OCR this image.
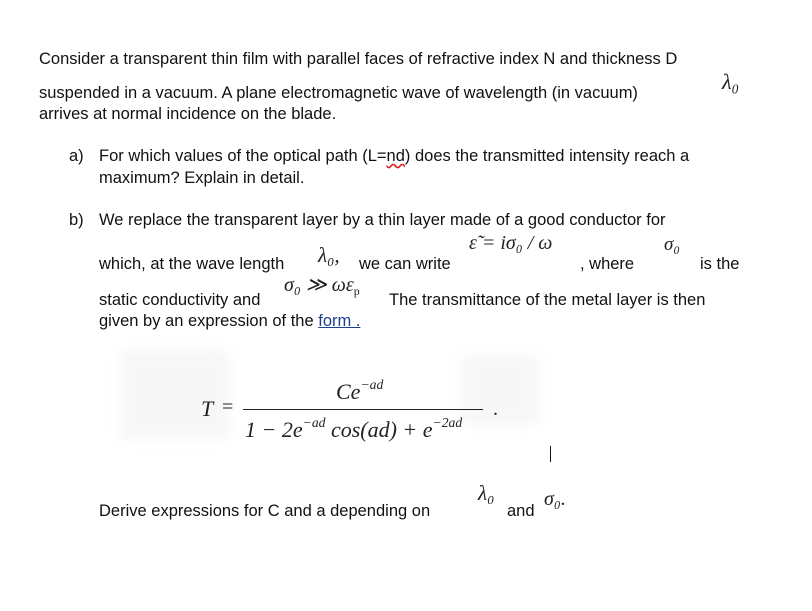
Consider a transparent thin film with parallel faces of refractive index N and thickness D
suspended in a vacuum. A plane electromagnetic wave of wavelength (in vacuum)	λ₀
arrives at normal incidence on the blade.
a) For which values of the optical path (L=nd) does the transmitted intensity reach a
maximum? Explain in detail.
b) We replace the transparent layer by a thin layer made of a good conductor for
which, at the wave length λ₀, we can write
ε̃ = iσ₀ / ω
, where
σ₀
is the
static conductivity and
σ₀ ≫ $\omega\varepsilon_p$ The transmittance of the metal layer is then
given by an expression of the form .
T =
$Ce^{-ad}$
$1 - 2e^{-ad}$ $\cos(ad) + e^{-2ad}$
.
Derive expressions for C and a depending on
λ₀
and
σ₀.
